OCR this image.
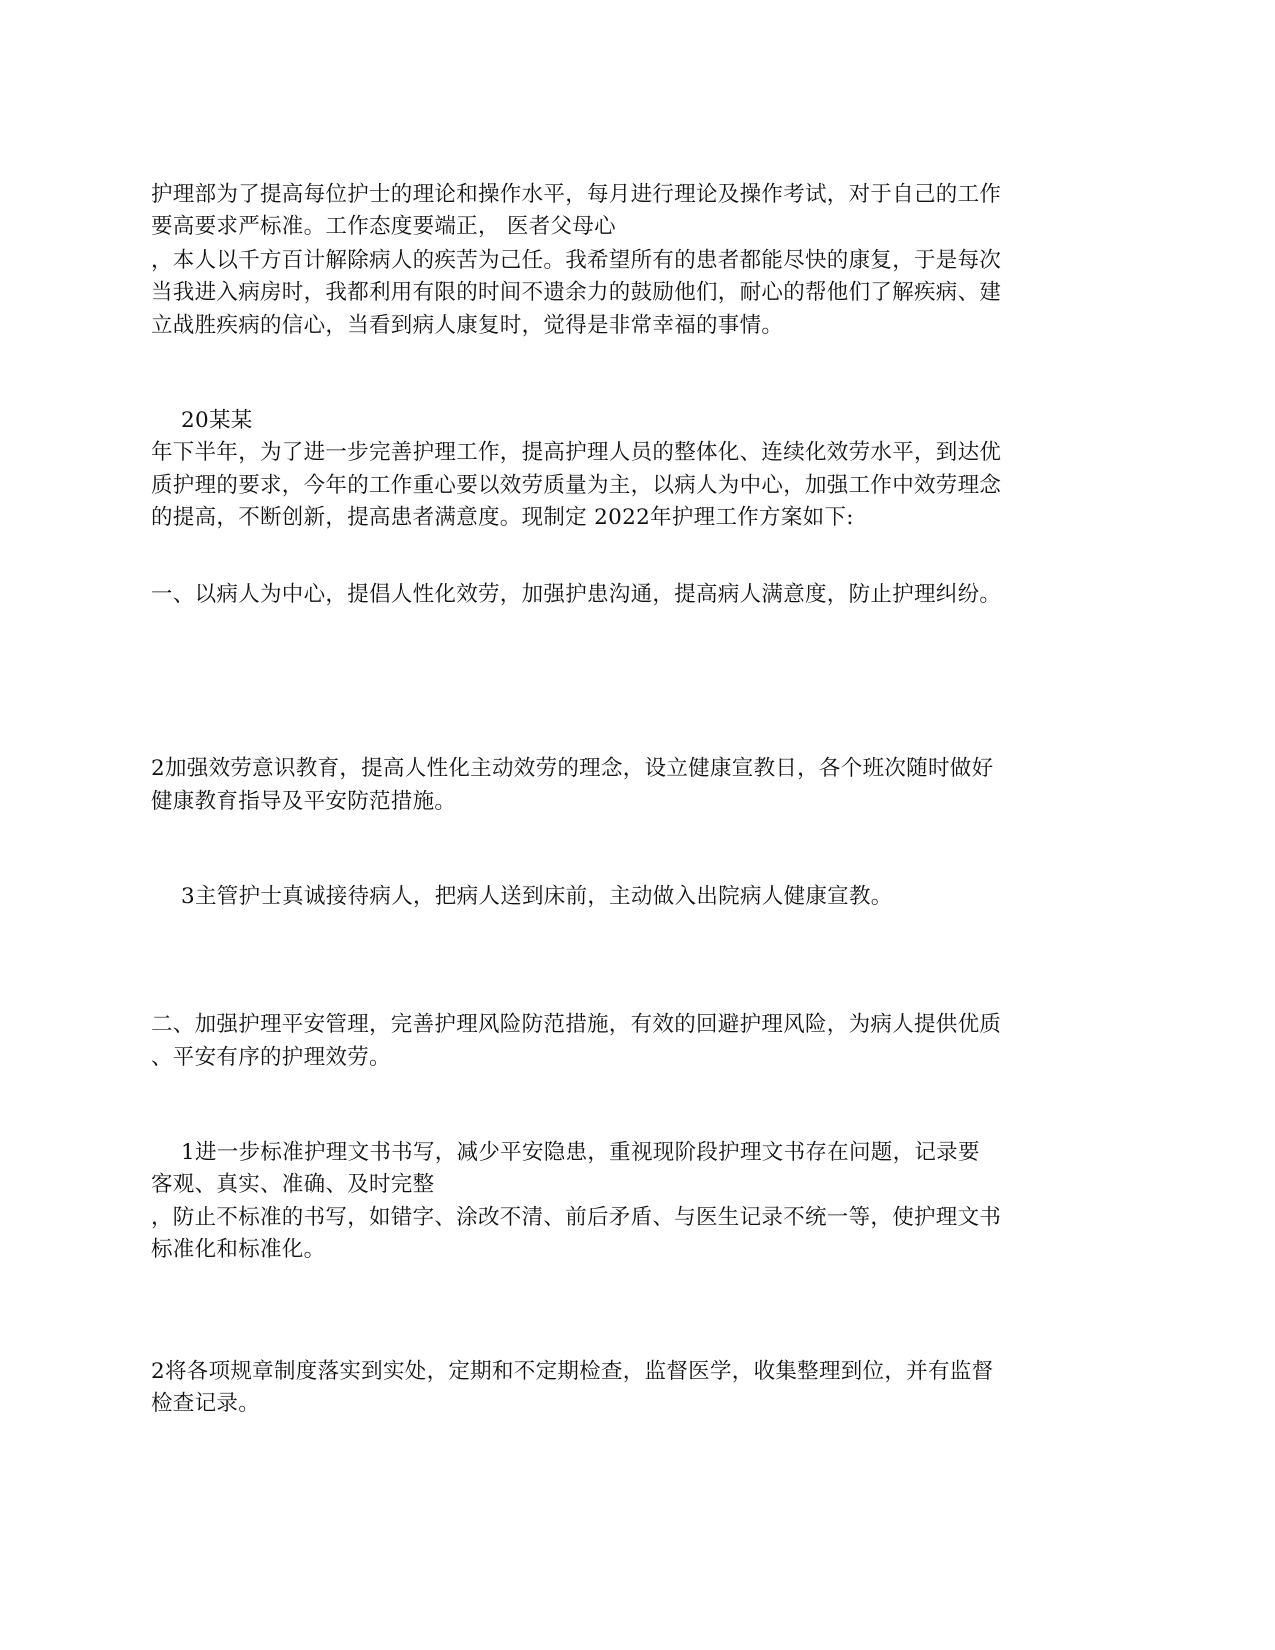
护理部为了提高每位护士的理论和操作水平，每月进行理论及操作考试，对于自己的工作
要高要求严标准。工作态度要端正， 医者父母心
，本人以千方百计解除病人的疾苦为己任。我希望所有的患者都能尽快的康复，于是每次
当我进入病房时，我都利用有限的时间不遗余力的鼓励他们，耐心的帮他们了解疾病、建
立战胜疾病的信心，当看到病人康复时，觉得是非常幸福的事情。
20某某
年下半年，为了进一步完善护理工作，提高护理人员的整体化、连续化效劳水平，到达优
质护理的要求，今年的工作重心要以效劳质量为主，以病人为中心，加强工作中效劳理念
的提高，不断创新，提高患者满意度。现制定 2022年护理工作方案如下:
一、以病人为中心，提倡人性化效劳，加强护患沟通，提高病人满意度，防止护理纠纷。
2加强效劳意识教育，提高人性化主动效劳的理念，设立健康宣教日，各个班次随时做好
健康教育指导及平安防范措施。
3主管护士真诚接待病人，把病人送到床前，主动做入出院病人健康宣教。
二、加强护理平安管理，完善护理风险防范措施，有效的回避护理风险，为病人提供优质
、平安有序的护理效劳。
1进一步标准护理文书书写，减少平安隐患，重视现阶段护理文书存在问题，记录要
客观、真实、准确、及时完整
，防止不标准的书写，如错字、涂改不清、前后矛盾、与医生记录不统一等，使护理文书
标准化和标准化。
2将各项规章制度落实到实处，定期和不定期检查，监督医学，收集整理到位，并有监督
检查记录。
